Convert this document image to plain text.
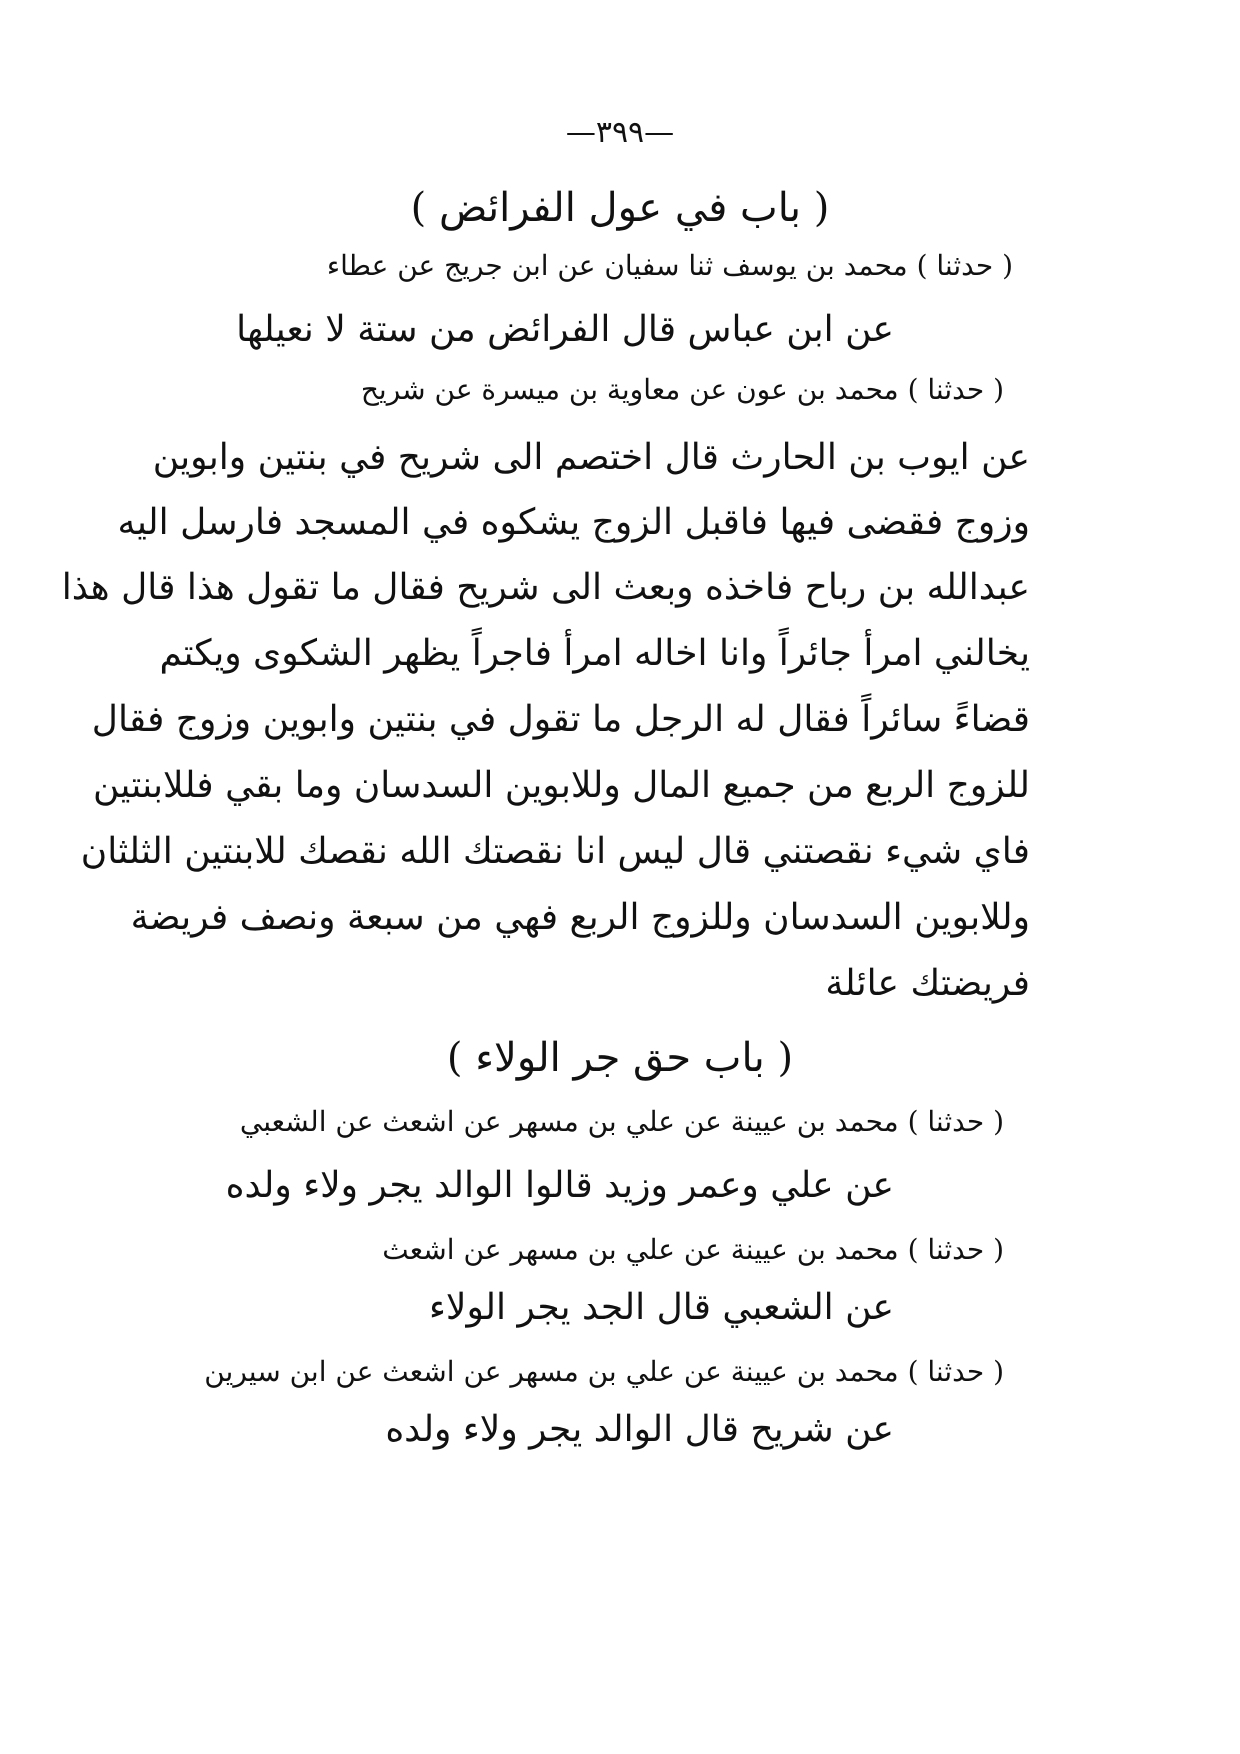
—٣٩٩—
( باب في عول الفرائض )
( حدثنا ) محمد بن يوسف ثنا سفيان عن ابن جريج عن عطاء
عن ابن عباس قال الفرائض من ستة لا نعيلها
( حدثنا ) محمد بن عون عن معاوية بن ميسرة عن شريح
عن ايوب بن الحارث قال اختصم الى شريح في بنتين وابوين
وزوج فقضى فيها فاقبل الزوج يشكوه في المسجد فارسل اليه
عبدالله بن رباح فاخذه وبعث الى شريح فقال ما تقول هذا قال هذا
يخالني امرأ جائراً وانا اخاله امرأ فاجراً يظهر الشكوى ويكتم
قضاءً سائراً فقال له الرجل ما تقول في بنتين وابوين وزوج فقال
للزوج الربع من جميع المال وللابوين السدسان وما بقي فللابنتين
فاي شيء نقصتني قال ليس انا نقصتك الله نقصك للابنتين الثلثان
وللابوين السدسان وللزوج الربع فهي من سبعة ونصف فريضة
فريضتك عائلة
( باب حق جر الولاء )
( حدثنا ) محمد بن عيينة عن علي بن مسهر عن اشعث عن الشعبي
عن علي وعمر وزيد قالوا الوالد يجر ولاء ولده
( حدثنا ) محمد بن عيينة عن علي بن مسهر عن اشعث
عن الشعبي قال الجد يجر الولاء
( حدثنا ) محمد بن عيينة عن علي بن مسهر عن اشعث عن ابن سيرين
عن شريح قال الوالد يجر ولاء ولده
